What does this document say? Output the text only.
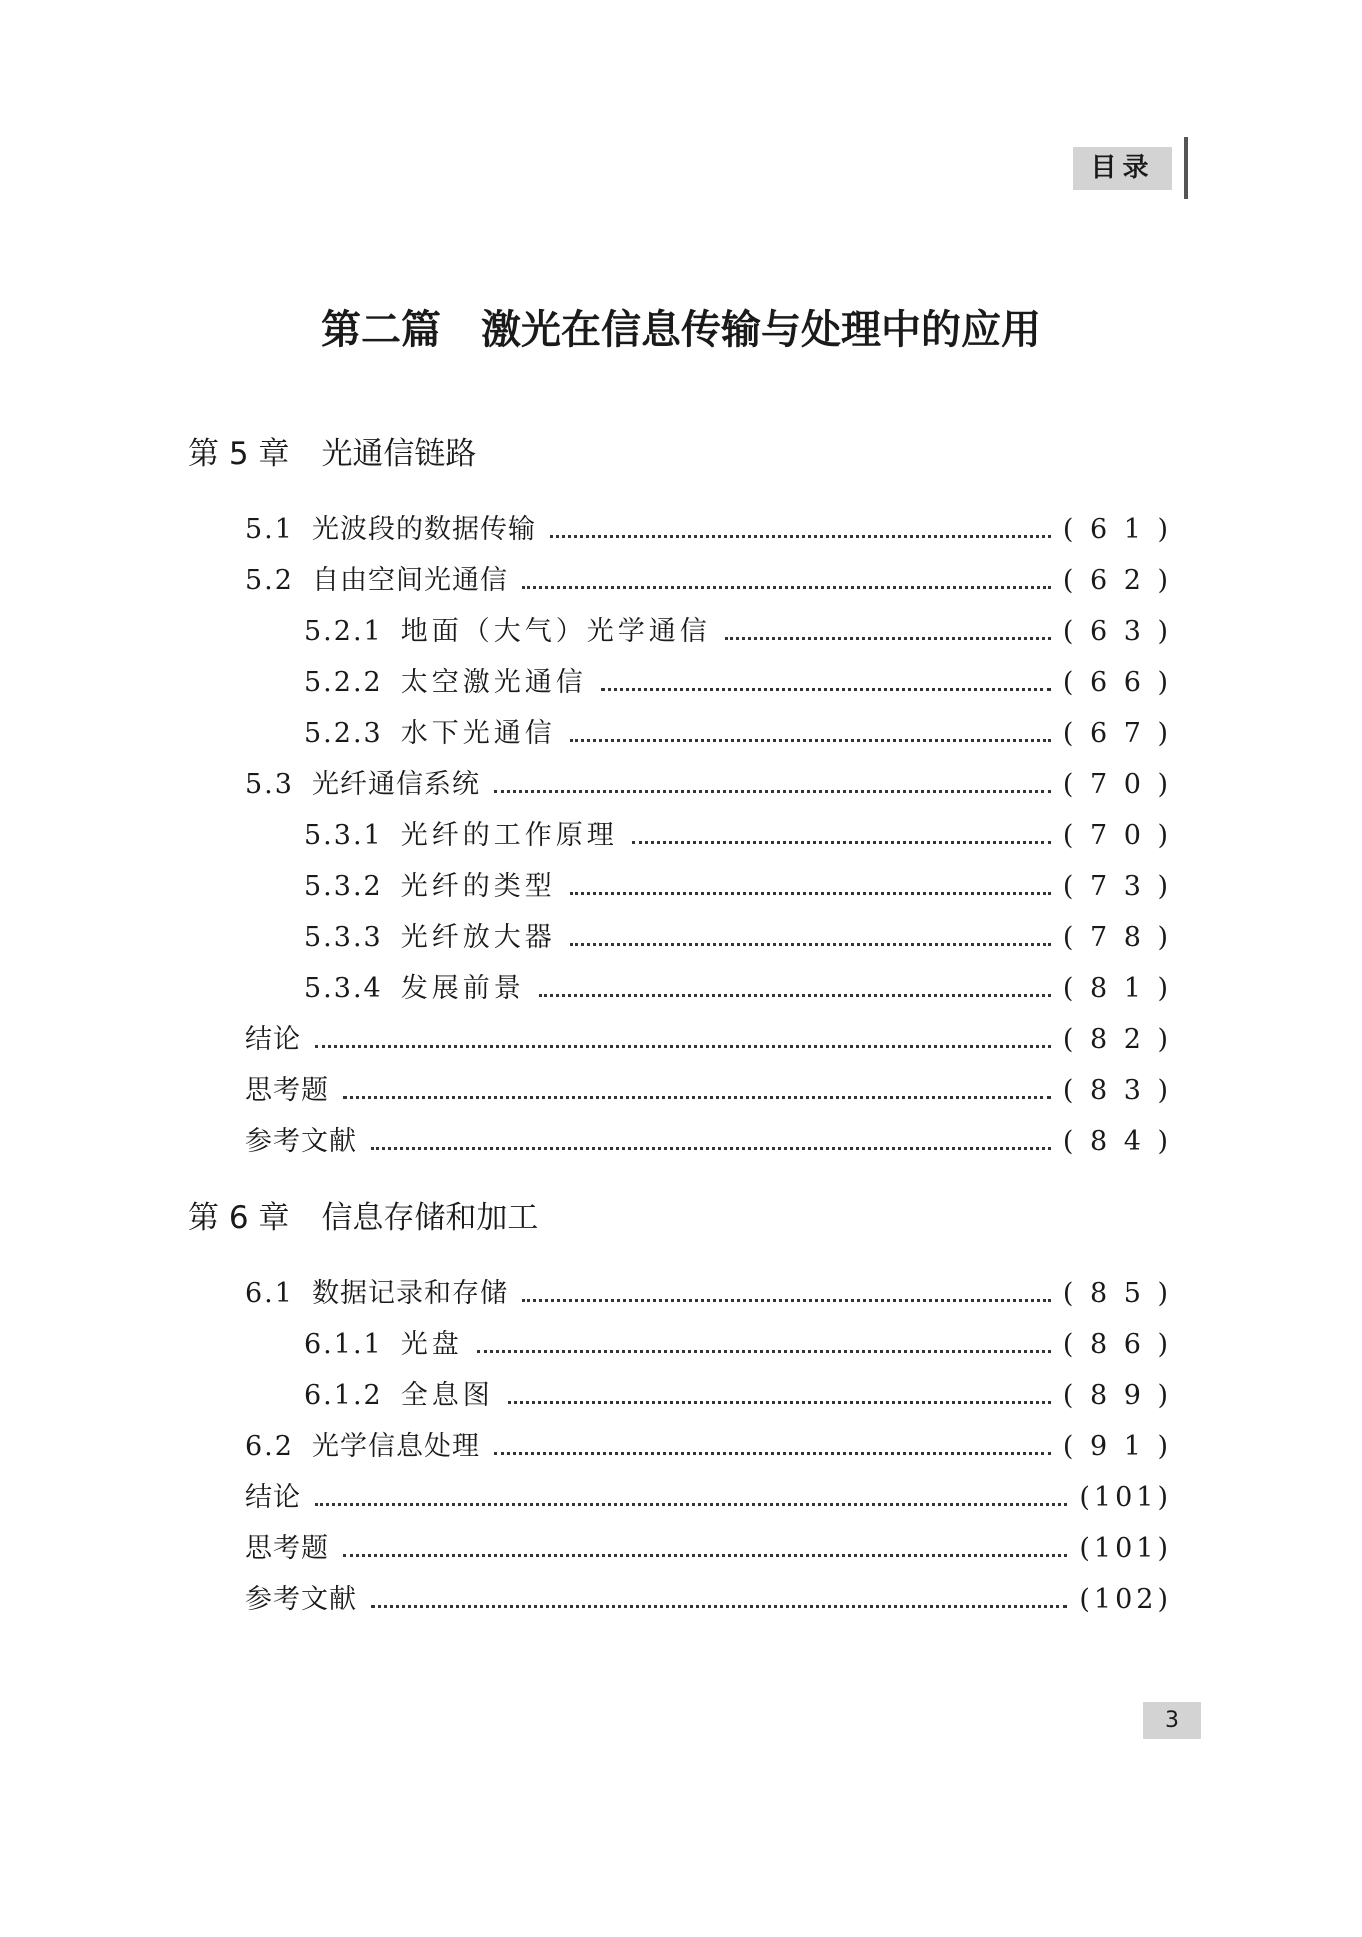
目录
第二篇 激光在信息传输与处理中的应用
第 5 章 光通信链路
5.1 光波段的数据传输	( 6 1 )
5.2 自由空间光通信	( 6 2 )
5.2.1 地面（大气）光学通信	( 6 3 )
5.2.2 太空激光通信	( 6 6 )
5.2.3 水下光通信	( 6 7 )
5.3 光纤通信系统	( 7 0 )
5.3.1 光纤的工作原理	( 7 0 )
5.3.2 光纤的类型	( 7 3 )
5.3.3 光纤放大器	( 7 8 )
5.3.4 发展前景	( 8 1 )
结论	( 8 2 )
思考题	( 8 3 )
参考文献	( 8 4 )
第 6 章 信息存储和加工
6.1 数据记录和存储	( 8 5 )
6.1.1 光盘	( 8 6 )
6.1.2 全息图	( 8 9 )
6.2 光学信息处理	( 9 1 )
结论	(101)
思考题	(101)
参考文献	(102)
3
